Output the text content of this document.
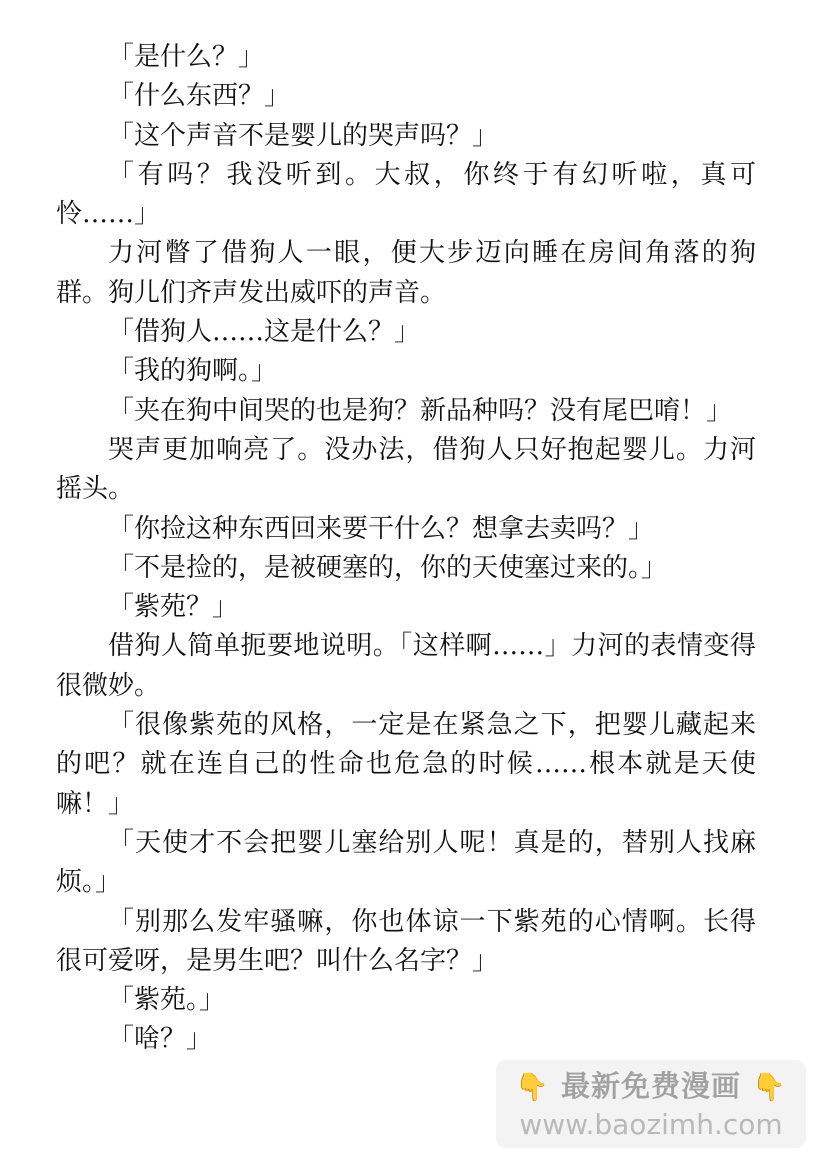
「是什么？」

「什么东西？」

「这个声音不是婴儿的哭声吗？」

「有吗？我没听到。大叔，你终于有幻听啦，真可怜……」

力河瞥了借狗人一眼，便大步迈向睡在房间角落的狗群。狗儿们齐声发出威吓的声音。

「借狗人……这是什么？」

「我的狗啊。」

「夹在狗中间哭的也是狗？新品种吗？没有尾巴唷！」

哭声更加响亮了。没办法，借狗人只好抱起婴儿。力河摇头。

「你捡这种东西回来要干什么？想拿去卖吗？」

「不是捡的，是被硬塞的，你的天使塞过来的。」

「紫苑？」

借狗人简单扼要地说明。「这样啊……」力河的表情变得很微妙。

「很像紫苑的风格，一定是在紧急之下，把婴儿藏起来的吧？就在连自己的性命也危急的时候……根本就是天使嘛！」

「天使才不会把婴儿塞给别人呢！真是的，替别人找麻烦。」

「别那么发牢骚嘛，你也体谅一下紫苑的心情啊。长得很可爱呀，是男生吧？叫什么名字？」

「紫苑。」

「啥？」

👇 最新免费漫画 👇
www.baozimh.com
